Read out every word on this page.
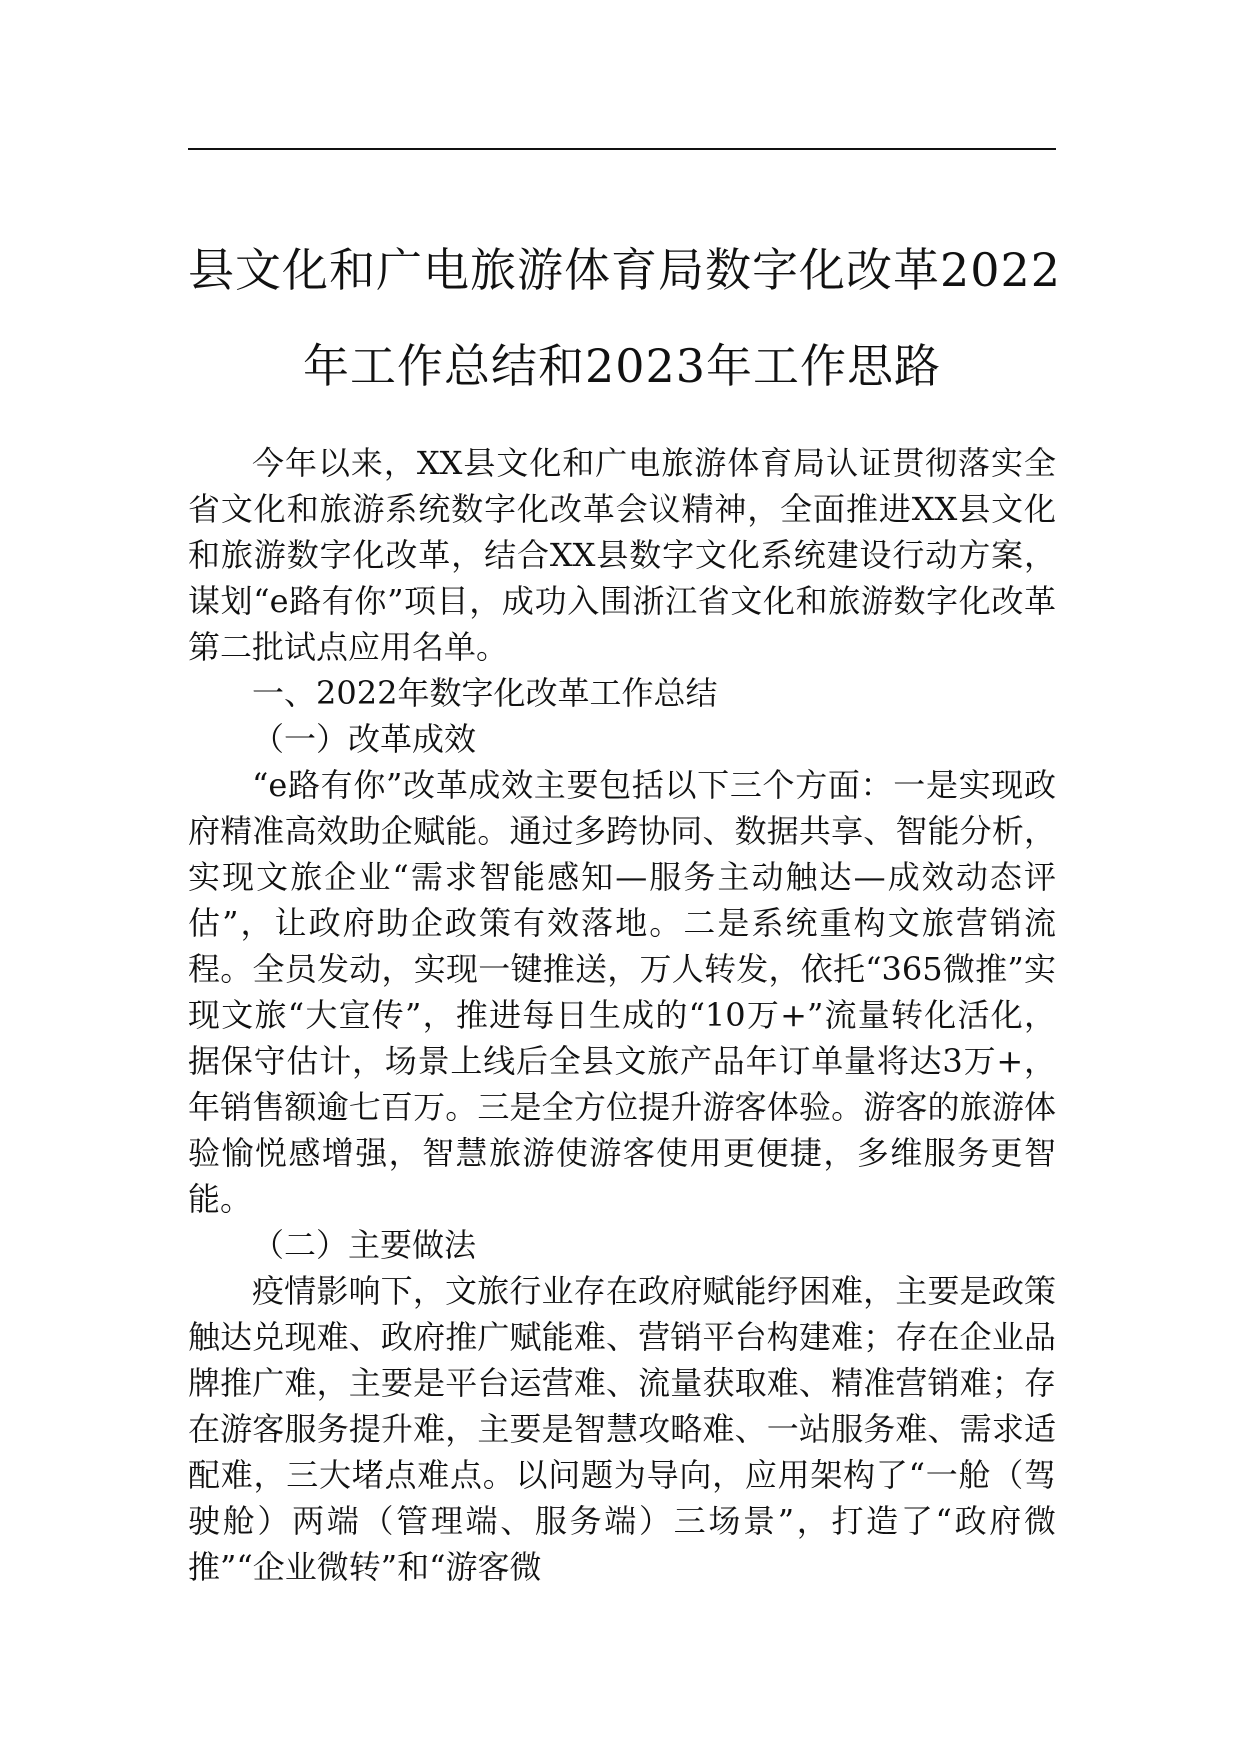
县文化和广电旅游体育局数字化改革2022
年工作总结和2023年工作思路

今年以来，XX县文化和广电旅游体育局认证贯彻落实全省文化和旅游系统数字化改革会议精神，全面推进XX县文化和旅游数字化改革，结合XX县数字文化系统建设行动方案，谋划“e路有你”项目，成功入围浙江省文化和旅游数字化改革第二批试点应用名单。

一、2022年数字化改革工作总结

（一）改革成效

“e路有你”改革成效主要包括以下三个方面：一是实现政府精准高效助企赋能。通过多跨协同、数据共享、智能分析，实现文旅企业“需求智能感知—服务主动触达—成效动态评估”，让政府助企政策有效落地。二是系统重构文旅营销流程。全员发动，实现一键推送，万人转发，依托“365微推”实现文旅“大宣传”，推进每日生成的“10万+”流量转化活化，据保守估计，场景上线后全县文旅产品年订单量将达3万+，年销售额逾七百万。三是全方位提升游客体验。游客的旅游体验愉悦感增强，智慧旅游使游客使用更便捷，多维服务更智能。

（二）主要做法

疫情影响下，文旅行业存在政府赋能纾困难，主要是政策触达兑现难、政府推广赋能难、营销平台构建难；存在企业品牌推广难，主要是平台运营难、流量获取难、精准营销难；存在游客服务提升难，主要是智慧攻略难、一站服务难、需求适配难，三大堵点难点。以问题为导向，应用架构了“一舱（驾驶舱）两端（管理端、服务端）三场景”，打造了“政府微推”“企业微转”和“游客微
